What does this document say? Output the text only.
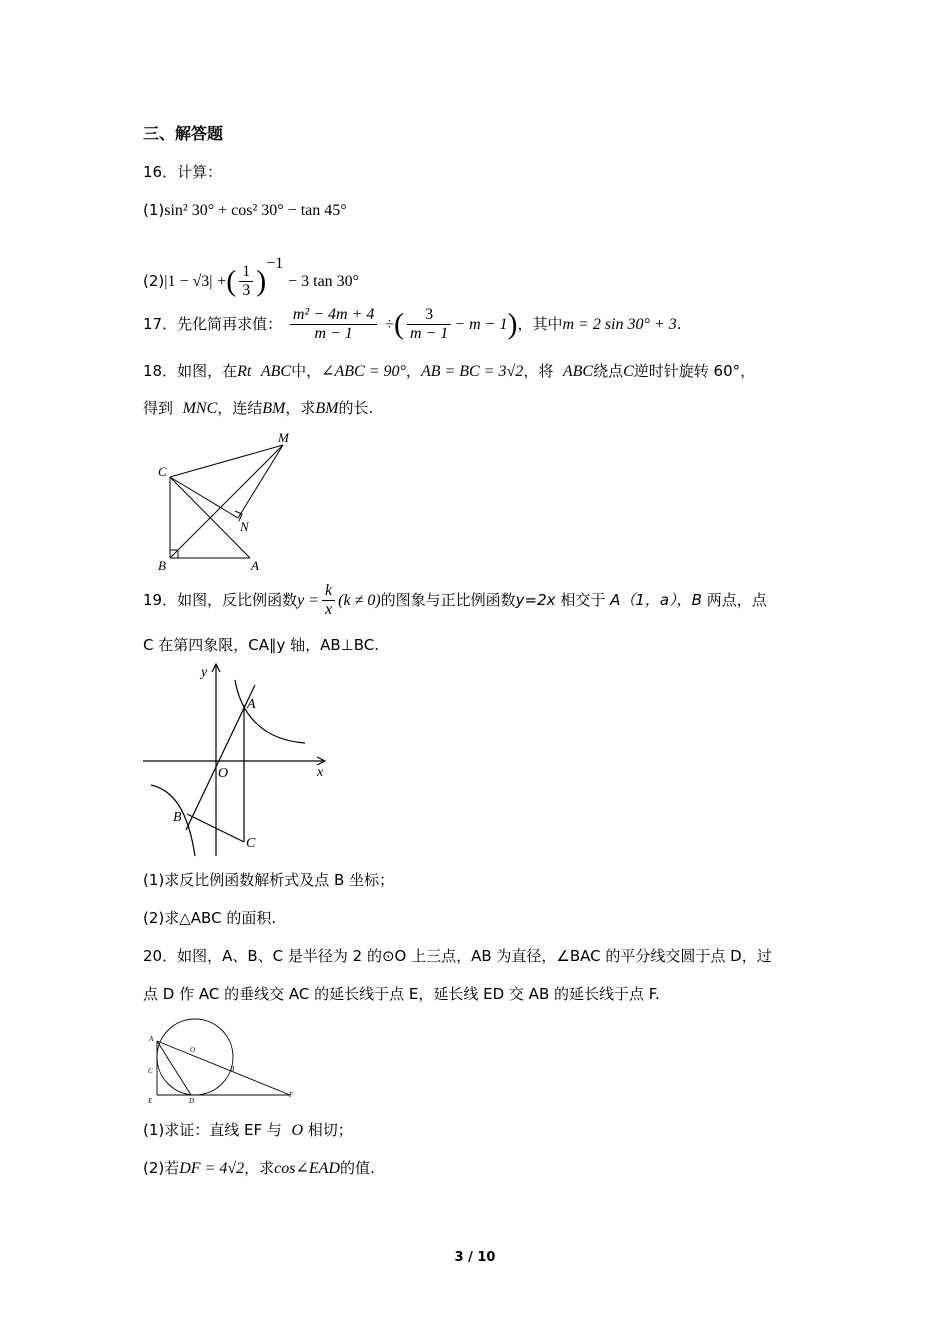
三、解答题
16．计算：
(1)sin² 30° + cos² 30° − tan 45°
(2)|1 − √3| +( $\frac{1}{3} )^{-1} - 3$ tan 30°
17．先化简再求值： $\frac{\text{m² − 4m + 4}}{m - 1}$ ÷( $\frac{3}{m - 1} - m - 1$)，其中m = 2 sin 30° + 3.
18．如图，在Rt ABC中，∠ABC = 90°，AB = BC = 3√2，将 ABC绕点C逆时针旋转 60°，
得到 MNC，连结BM，求BM的长.
M
C
N
B	A
19．如图，反比例函数$y = \frac{k}{x} (k \ne 0)$的图象与正比例函数y=2x 相交于 A（1，a），B 两点，点
C 在第四象限，CA∥y 轴，AB⊥BC.
y
x
O
A
B
C
(1)求反比例函数解析式及点 B 坐标；
(2)求△ABC 的面积.
20．如图，A、B、C 是半径为 2 的⊙O 上三点，AB 为直径，∠BAC 的平分线交圆于点 D，过
点 D 作 AC 的垂线交 AC 的延长线于点 E，延长线 ED 交 AB 的延长线于点 F.
A
O
B
C
E	D
F
(1)求证：直线 EF 与 O 相切；
(2)若DF = 4√2，求cos∠EAD的值.
3 / 10
